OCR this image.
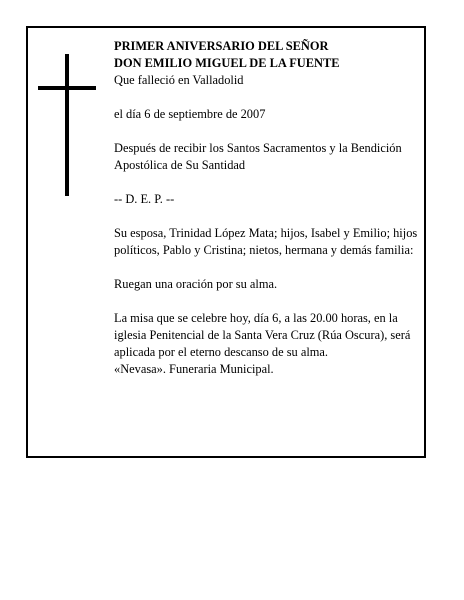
PRIMER ANIVERSARIO DEL SEÑOR

DON EMILIO MIGUEL DE LA FUENTE

Que falleció en Valladolid

el día 6 de septiembre de 2007

Después de recibir los Santos Sacramentos y la Bendición Apostólica de Su Santidad

-- D. E. P. --

Su esposa, Trinidad López Mata; hijos, Isabel y Emilio; hijos políticos, Pablo y Cristina; nietos, hermana y demás familia:

Ruegan una oración por su alma.

La misa que se celebre hoy, día 6, a las 20.00 horas, en la iglesia Penitencial de la Santa Vera Cruz (Rúa Oscura), será aplicada por el eterno descanso de su alma.

«Nevasa». Funeraria Municipal.
